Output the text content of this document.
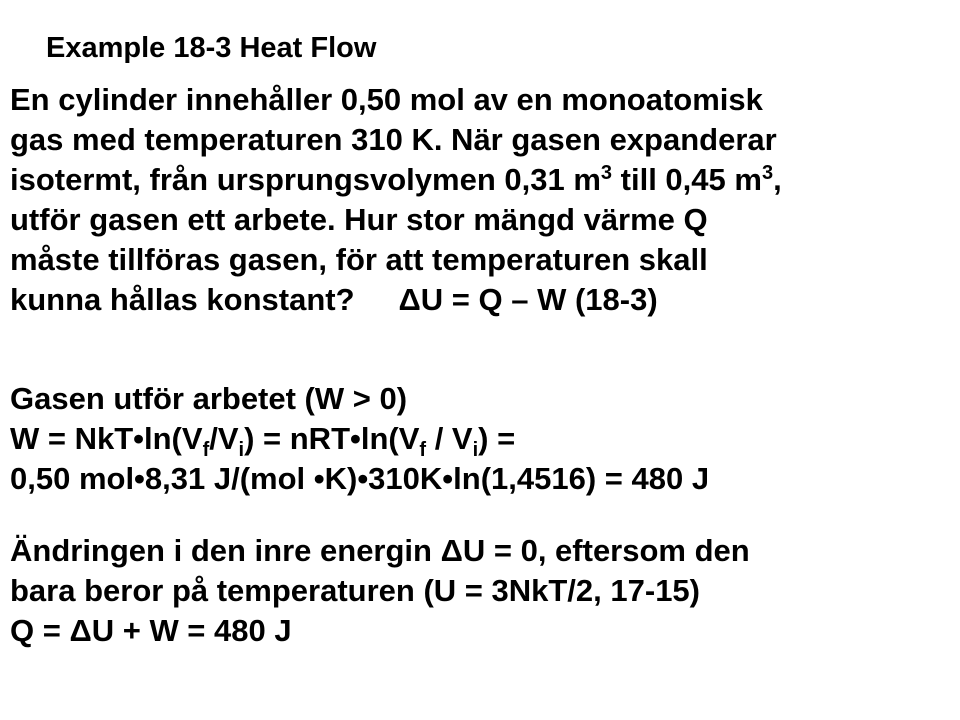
Example 18-3 Heat Flow
En cylinder innehåller 0,50 mol av en monoatomisk
gas med temperaturen 310 K. När gasen expanderar
isotermt, från ursprungsvolymen 0,31 $m^3$ till 0,45 $m^3$,
utför gasen ett arbete. Hur stor mängd värme Q
måste tillföras gasen, för att temperaturen skall
kunna hållas konstant? ΔU = Q – W (18-3)
Gasen utför arbetet (W > 0)
$W = NkT•\ln(V_f/V_i)$ = $nRT•\ln(V_f / V_i)$ =
0,50 mol•8,31 J/(mol •K)•310K•ln(1,4516) = 480 J
Ändringen i den inre energin ΔU = 0, eftersom den
bara beror på temperaturen (U = 3NkT/2, 17-15)
Q = ΔU + W = 480 J
